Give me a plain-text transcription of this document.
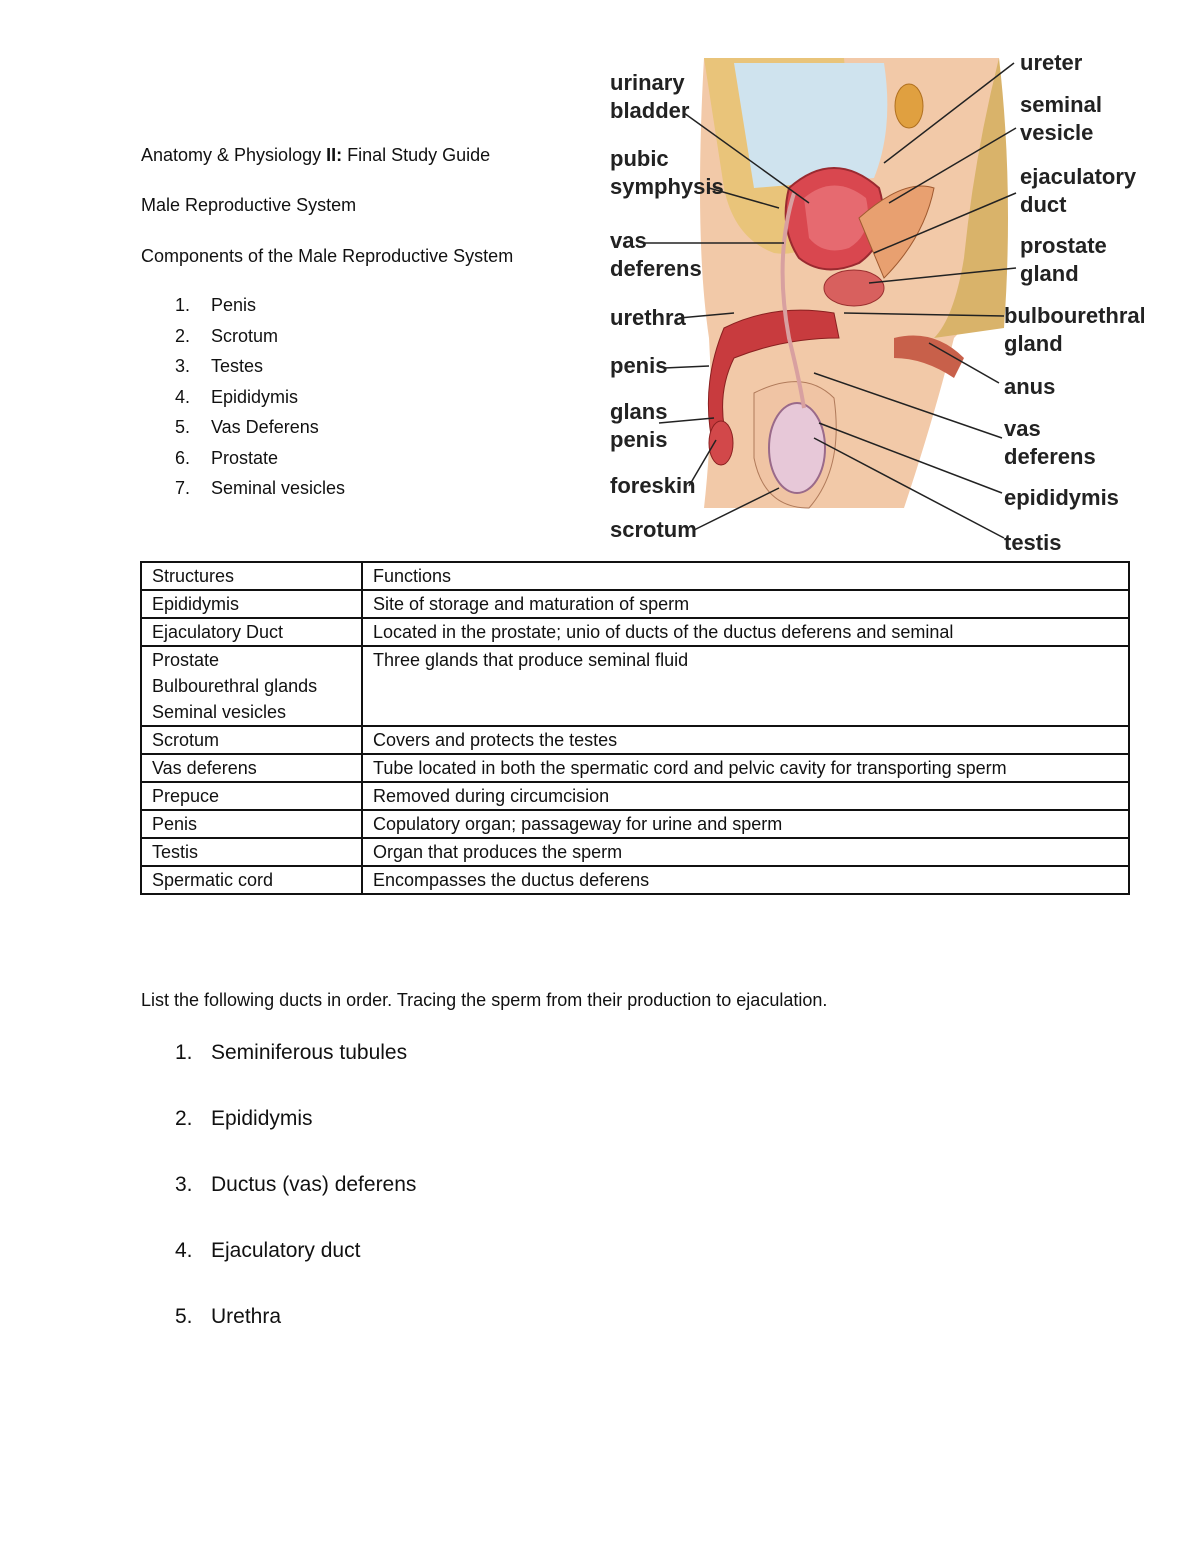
Anatomy & Physiology II: Final Study Guide
Male Reproductive System
Components of the Male Reproductive System
1. Penis
2. Scrotum
3. Testes
4. Epididymis
5. Vas Deferens
6. Prostate
7. Seminal vesicles
urinary
bladder
pubic
symphysis
vas
deferens
urethra
penis
glans
penis
foreskin
scrotum
ureter
seminal
vesicle
ejaculatory
duct
prostate
gland
bulbourethral
gland
anus
vas
deferens
epididymis
testis
Structures	Functions
Epididymis	Site of storage and maturation of sperm
Ejaculatory Duct	Located in the prostate; unio of ducts of the ductus deferens and seminal

Prostate
Bulbourethral glands
Seminal vesicles	Three glands that produce seminal fluid
Scrotum	Covers and protects the testes
Vas deferens	Tube located in both the spermatic cord and pelvic cavity for transporting sperm
Prepuce	Removed during circumcision
Penis	Copulatory organ; passageway for urine and sperm
Testis	Organ that produces the sperm
Spermatic cord	Encompasses the ductus deferens
List the following ducts in order. Tracing the sperm from their production to ejaculation.
1. Seminiferous tubules
2. Epididymis
3. Ductus (vas) deferens
4. Ejaculatory duct
5. Urethra
